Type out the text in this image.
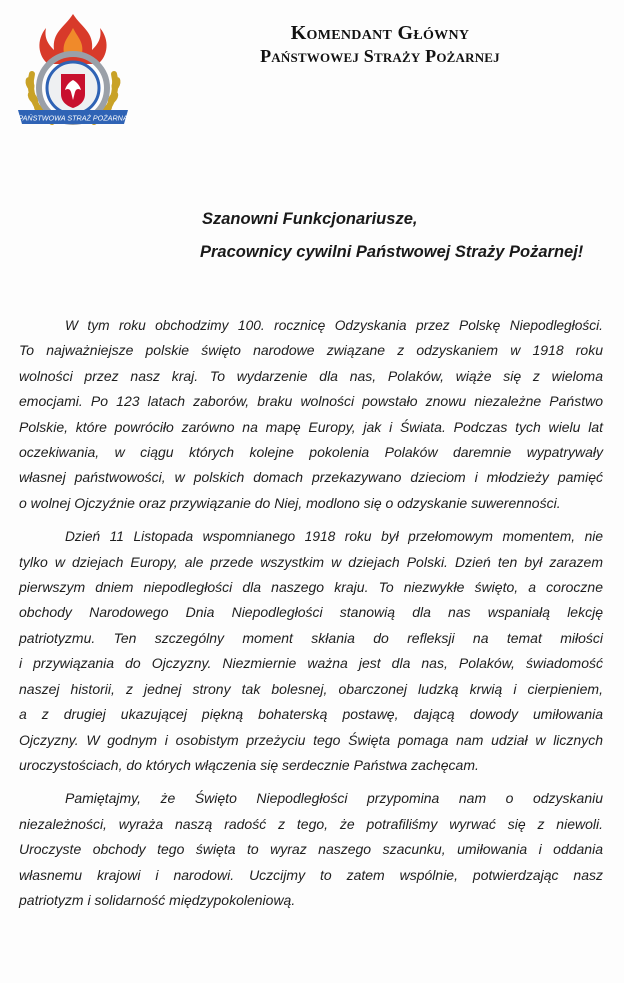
PAŃSTWOWA STRAŻ POŻARNA
Komendant Główny
Państwowej Straży Pożarnej
Szanowni Funkcjonariusze,
Pracownicy cywilni Państwowej Straży Pożarnej!

W tym roku obchodzimy 100. rocznicę Odzyskania przez Polskę Niepodległości.
To najważniejsze polskie święto narodowe związane z odzyskaniem w 1918 roku
wolności przez nasz kraj. To wydarzenie dla nas, Polaków, wiąże się z wieloma
emocjami. Po 123 latach zaborów, braku wolności powstało znowu niezależne Państwo
Polskie, które powróciło zarówno na mapę Europy, jak i Świata. Podczas tych wielu lat
oczekiwania, w ciągu których kolejne pokolenia Polaków daremnie wypatrywały
własnej państwowości, w polskich domach przekazywano dzieciom i młodzieży pamięć
o wolnej Ojczyźnie oraz przywiązanie do Niej, modlono się o odzyskanie suwerenności.

Dzień 11 Listopada wspomnianego 1918 roku był przełomowym momentem, nie
tylko w dziejach Europy, ale przede wszystkim w dziejach Polski. Dzień ten był zarazem
pierwszym dniem niepodległości dla naszego kraju. To niezwykłe święto, a coroczne
obchody Narodowego Dnia Niepodległości stanowią dla nas wspaniałą lekcję
patriotyzmu. Ten szczególny moment skłania do refleksji na temat miłości
i przywiązania do Ojczyzny. Niezmiernie ważna jest dla nas, Polaków, świadomość
naszej historii, z jednej strony tak bolesnej, obarczonej ludzką krwią i cierpieniem,
a z drugiej ukazującej piękną bohaterską postawę, dającą dowody umiłowania
Ojczyzny. W godnym i osobistym przeżyciu tego Święta pomaga nam udział w licznych
uroczystościach, do których włączenia się serdecznie Państwa zachęcam.

Pamiętajmy, że Święto Niepodległości przypomina nam o odzyskaniu
niezależności, wyraża naszą radość z tego, że potrafiliśmy wyrwać się z niewoli.
Uroczyste obchody tego święta to wyraz naszego szacunku, umiłowania i oddania
własnemu krajowi i narodowi. Uczcijmy to zatem wspólnie, potwierdzając nasz
patriotyzm i solidarność międzypokoleniową.
